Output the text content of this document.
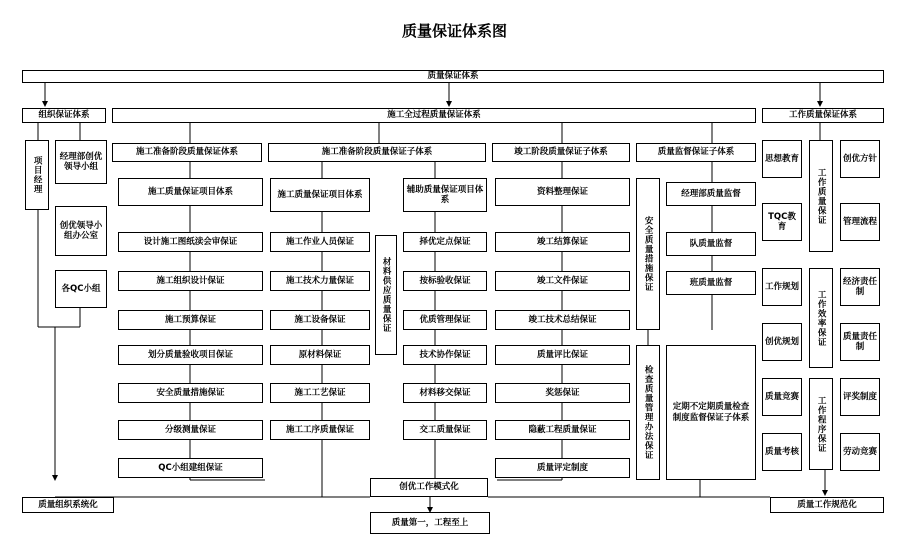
质量保证体系图
质量保证体系
组织保证体系
项目经理	经理部创优领导小组
创优领导小组办公室
各QC小组
质量组织系统化
施工全过程质量保证体系
施工准备阶段质量保证体系	施工准备阶段质量保证子体系
材料供应质量保证
竣工阶段质量保证子体系	质量监督保证子体系
安全质量措施保证
经理部质量监督
队质量监督
班质量监督
检查质量管理办法保证	定期不定期质量检查制度监督保证子体系
创优工作模式化
质量第一，工程至上
工作质量保证体系
工作质量保证
工作效率保证
工作程序保证
质量工作规范化
施工质量保证项目体系
设计施工图纸渎会审保证
施工组织设计保证
施工预算保证
划分质量验收项目保证
安全质量措施保证
分级测量保证
QC小组建组保证
施工质量保证项目体系
施工作业人员保证
施工技术力量保证
施工设备保证
原材料保证
施工工艺保证
施工工序质量保证
辅助质量保证项目体系
择优定点保证
按标验收保证
优质管理保证
技术协作保证
材料移交保证
交工质量保证
资料整理保证
竣工结算保证
竣工文件保证
竣工技术总结保证
质量评比保证
奖惩保证
隐蔽工程质量保证
质量评定制度
思想教育
TQC教育
工作规划
创优规划
质量竞赛
质量考核
创优方针
管理流程
经济责任制
质量责任制
评奖制度
劳动竞赛
